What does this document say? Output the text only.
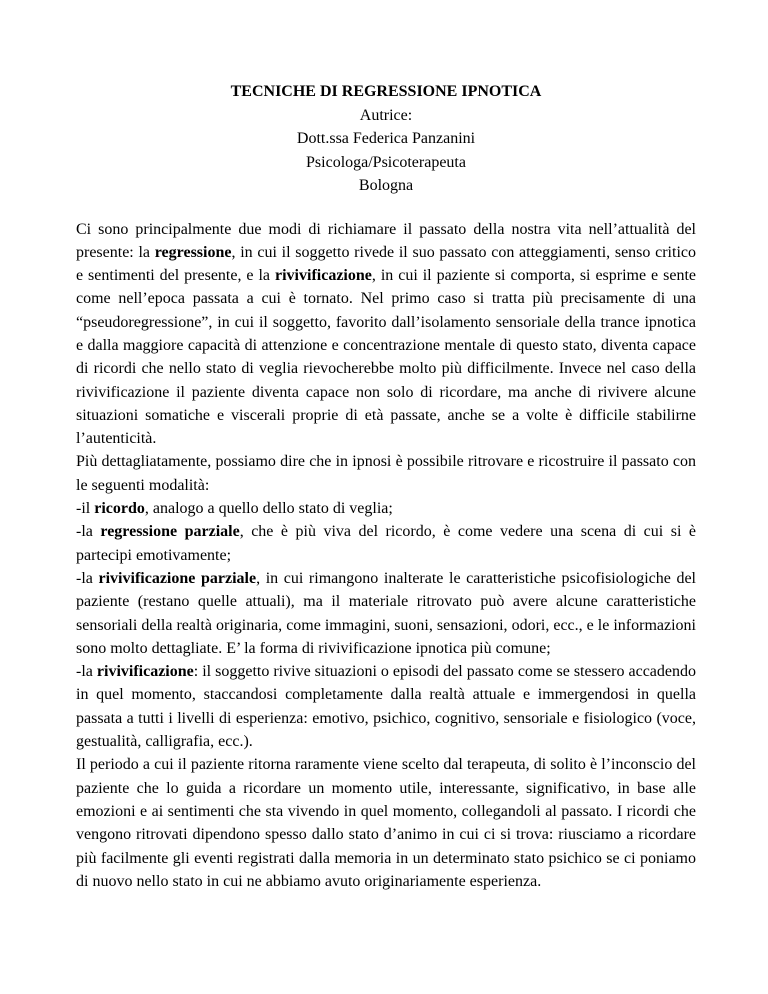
TECNICHE DI REGRESSIONE IPNOTICA
Autrice:
Dott.ssa Federica Panzanini
Psicologa/Psicoterapeuta
Bologna

Ci sono principalmente due modi di richiamare il passato della nostra vita nell’attualità del presente: la regressione, in cui il soggetto rivede il suo passato con atteggiamenti, senso critico e sentimenti del presente, e la rivivificazione, in cui il paziente si comporta, si esprime e sente come nell’epoca passata a cui è tornato. Nel primo caso si tratta più precisamente di una “pseudoregressione”, in cui il soggetto, favorito dall’isolamento sensoriale della trance ipnotica e dalla maggiore capacità di attenzione e concentrazione mentale di questo stato, diventa capace di ricordi che nello stato di veglia rievocherebbe molto più difficilmente. Invece nel caso della rivivificazione il paziente diventa capace non solo di ricordare, ma anche di rivivere alcune situazioni somatiche e viscerali proprie di età passate, anche se a volte è difficile stabilirne l’autenticità.

Più dettagliatamente, possiamo dire che in ipnosi è possibile ritrovare e ricostruire il passato con le seguenti modalità:

-il ricordo, analogo a quello dello stato di veglia;

-la regressione parziale, che è più viva del ricordo, è come vedere una scena di cui si è partecipi emotivamente;

-la rivivificazione parziale, in cui rimangono inalterate le caratteristiche psicofisiologiche del paziente (restano quelle attuali), ma il materiale ritrovato può avere alcune caratteristiche sensoriali della realtà originaria, come immagini, suoni, sensazioni, odori, ecc., e le informazioni sono molto dettagliate. E’ la forma di rivivificazione ipnotica più comune;

-la rivivificazione: il soggetto rivive situazioni o episodi del passato come se stessero accadendo in quel momento, staccandosi completamente dalla realtà attuale e immergendosi in quella passata a tutti i livelli di esperienza: emotivo, psichico, cognitivo, sensoriale e fisiologico (voce, gestualità, calligrafia, ecc.).

Il periodo a cui il paziente ritorna raramente viene scelto dal terapeuta, di solito è l’inconscio del paziente che lo guida a ricordare un momento utile, interessante, significativo, in base alle emozioni e ai sentimenti che sta vivendo in quel momento, collegandoli al passato. I ricordi che vengono ritrovati dipendono spesso dallo stato d’animo in cui ci si trova: riusciamo a ricordare più facilmente gli eventi registrati dalla memoria in un determinato stato psichico se ci poniamo di nuovo nello stato in cui ne abbiamo avuto originariamente esperienza.
